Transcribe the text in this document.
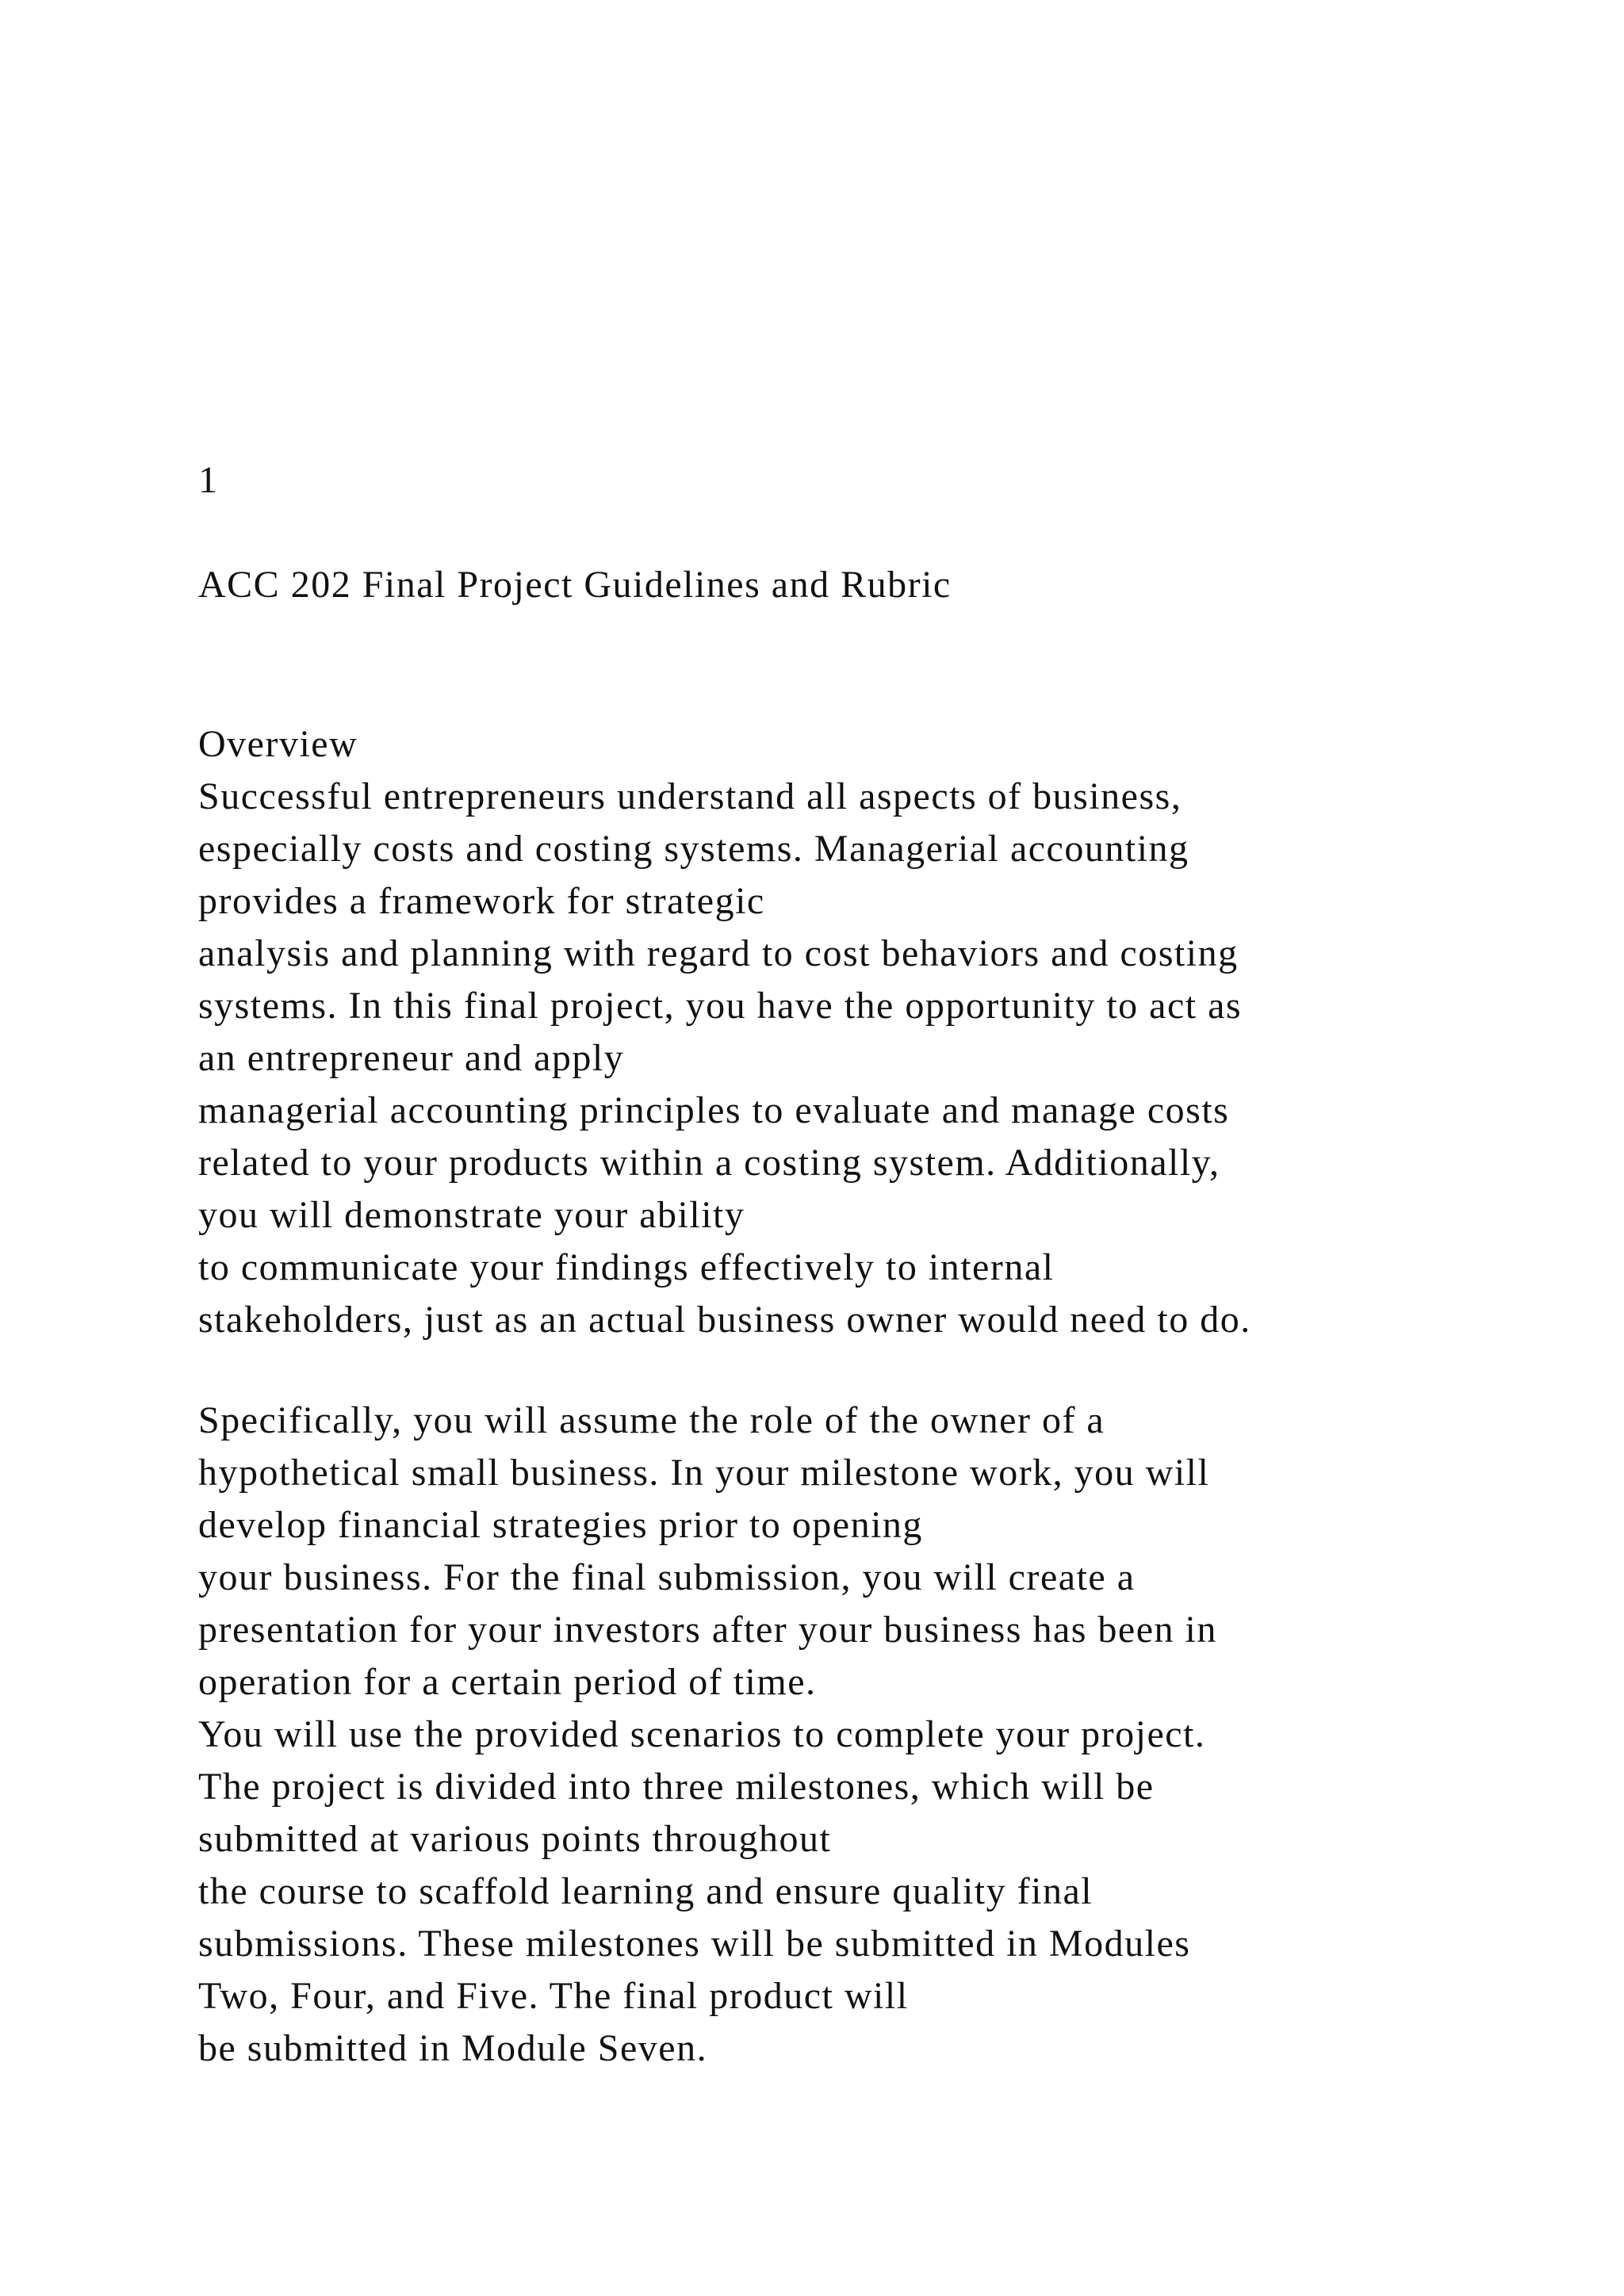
1
ACC 202 Final Project Guidelines and Rubric
Overview
Successful entrepreneurs understand all aspects of business,
especially costs and costing systems. Managerial accounting
provides a framework for strategic
analysis and planning with regard to cost behaviors and costing
systems. In this final project, you have the opportunity to act as
an entrepreneur and apply
managerial accounting principles to evaluate and manage costs
related to your products within a costing system. Additionally,
you will demonstrate your ability
to communicate your findings effectively to internal
stakeholders, just as an actual business owner would need to do.
Specifically, you will assume the role of the owner of a
hypothetical small business. In your milestone work, you will
develop financial strategies prior to opening
your business. For the final submission, you will create a
presentation for your investors after your business has been in
operation for a certain period of time.
You will use the provided scenarios to complete your project.
The project is divided into three milestones, which will be
submitted at various points throughout
the course to scaffold learning and ensure quality final
submissions. These milestones will be submitted in Modules
Two, Four, and Five. The final product will
be submitted in Module Seven.
